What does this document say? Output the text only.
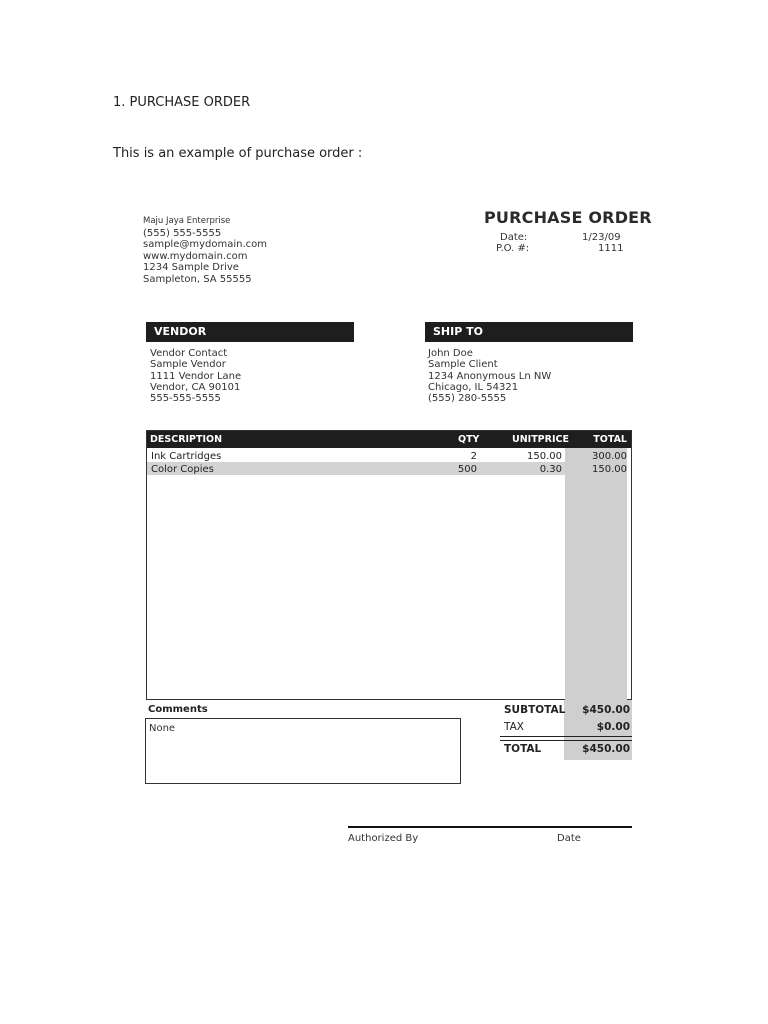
1. PURCHASE ORDER
This is an example of purchase order :
Maju Jaya Enterprise
(555) 555-5555
sample@mydomain.com
www.mydomain.com
1234 Sample Drive
Sampleton, SA 55555
PURCHASE ORDER
Date:	1/23/09
P.O. #:	1111
VENDOR
Vendor Contact
Sample Vendor
1111 Vendor Lane
Vendor, CA 90101
555-555-5555
SHIP TO
John Doe
Sample Client
1234 Anonymous Ln NW
Chicago, IL 54321
(555) 280-5555
DESCRIPTION	QTY	UNITPRICE	TOTAL
Ink Cartridges	2	150.00	300.00
Color Copies	500	0.30	150.00
Comments
None
SUBTOTAL	$450.00
TAX	$0.00
TOTAL	$450.00
Authorized By	Date
